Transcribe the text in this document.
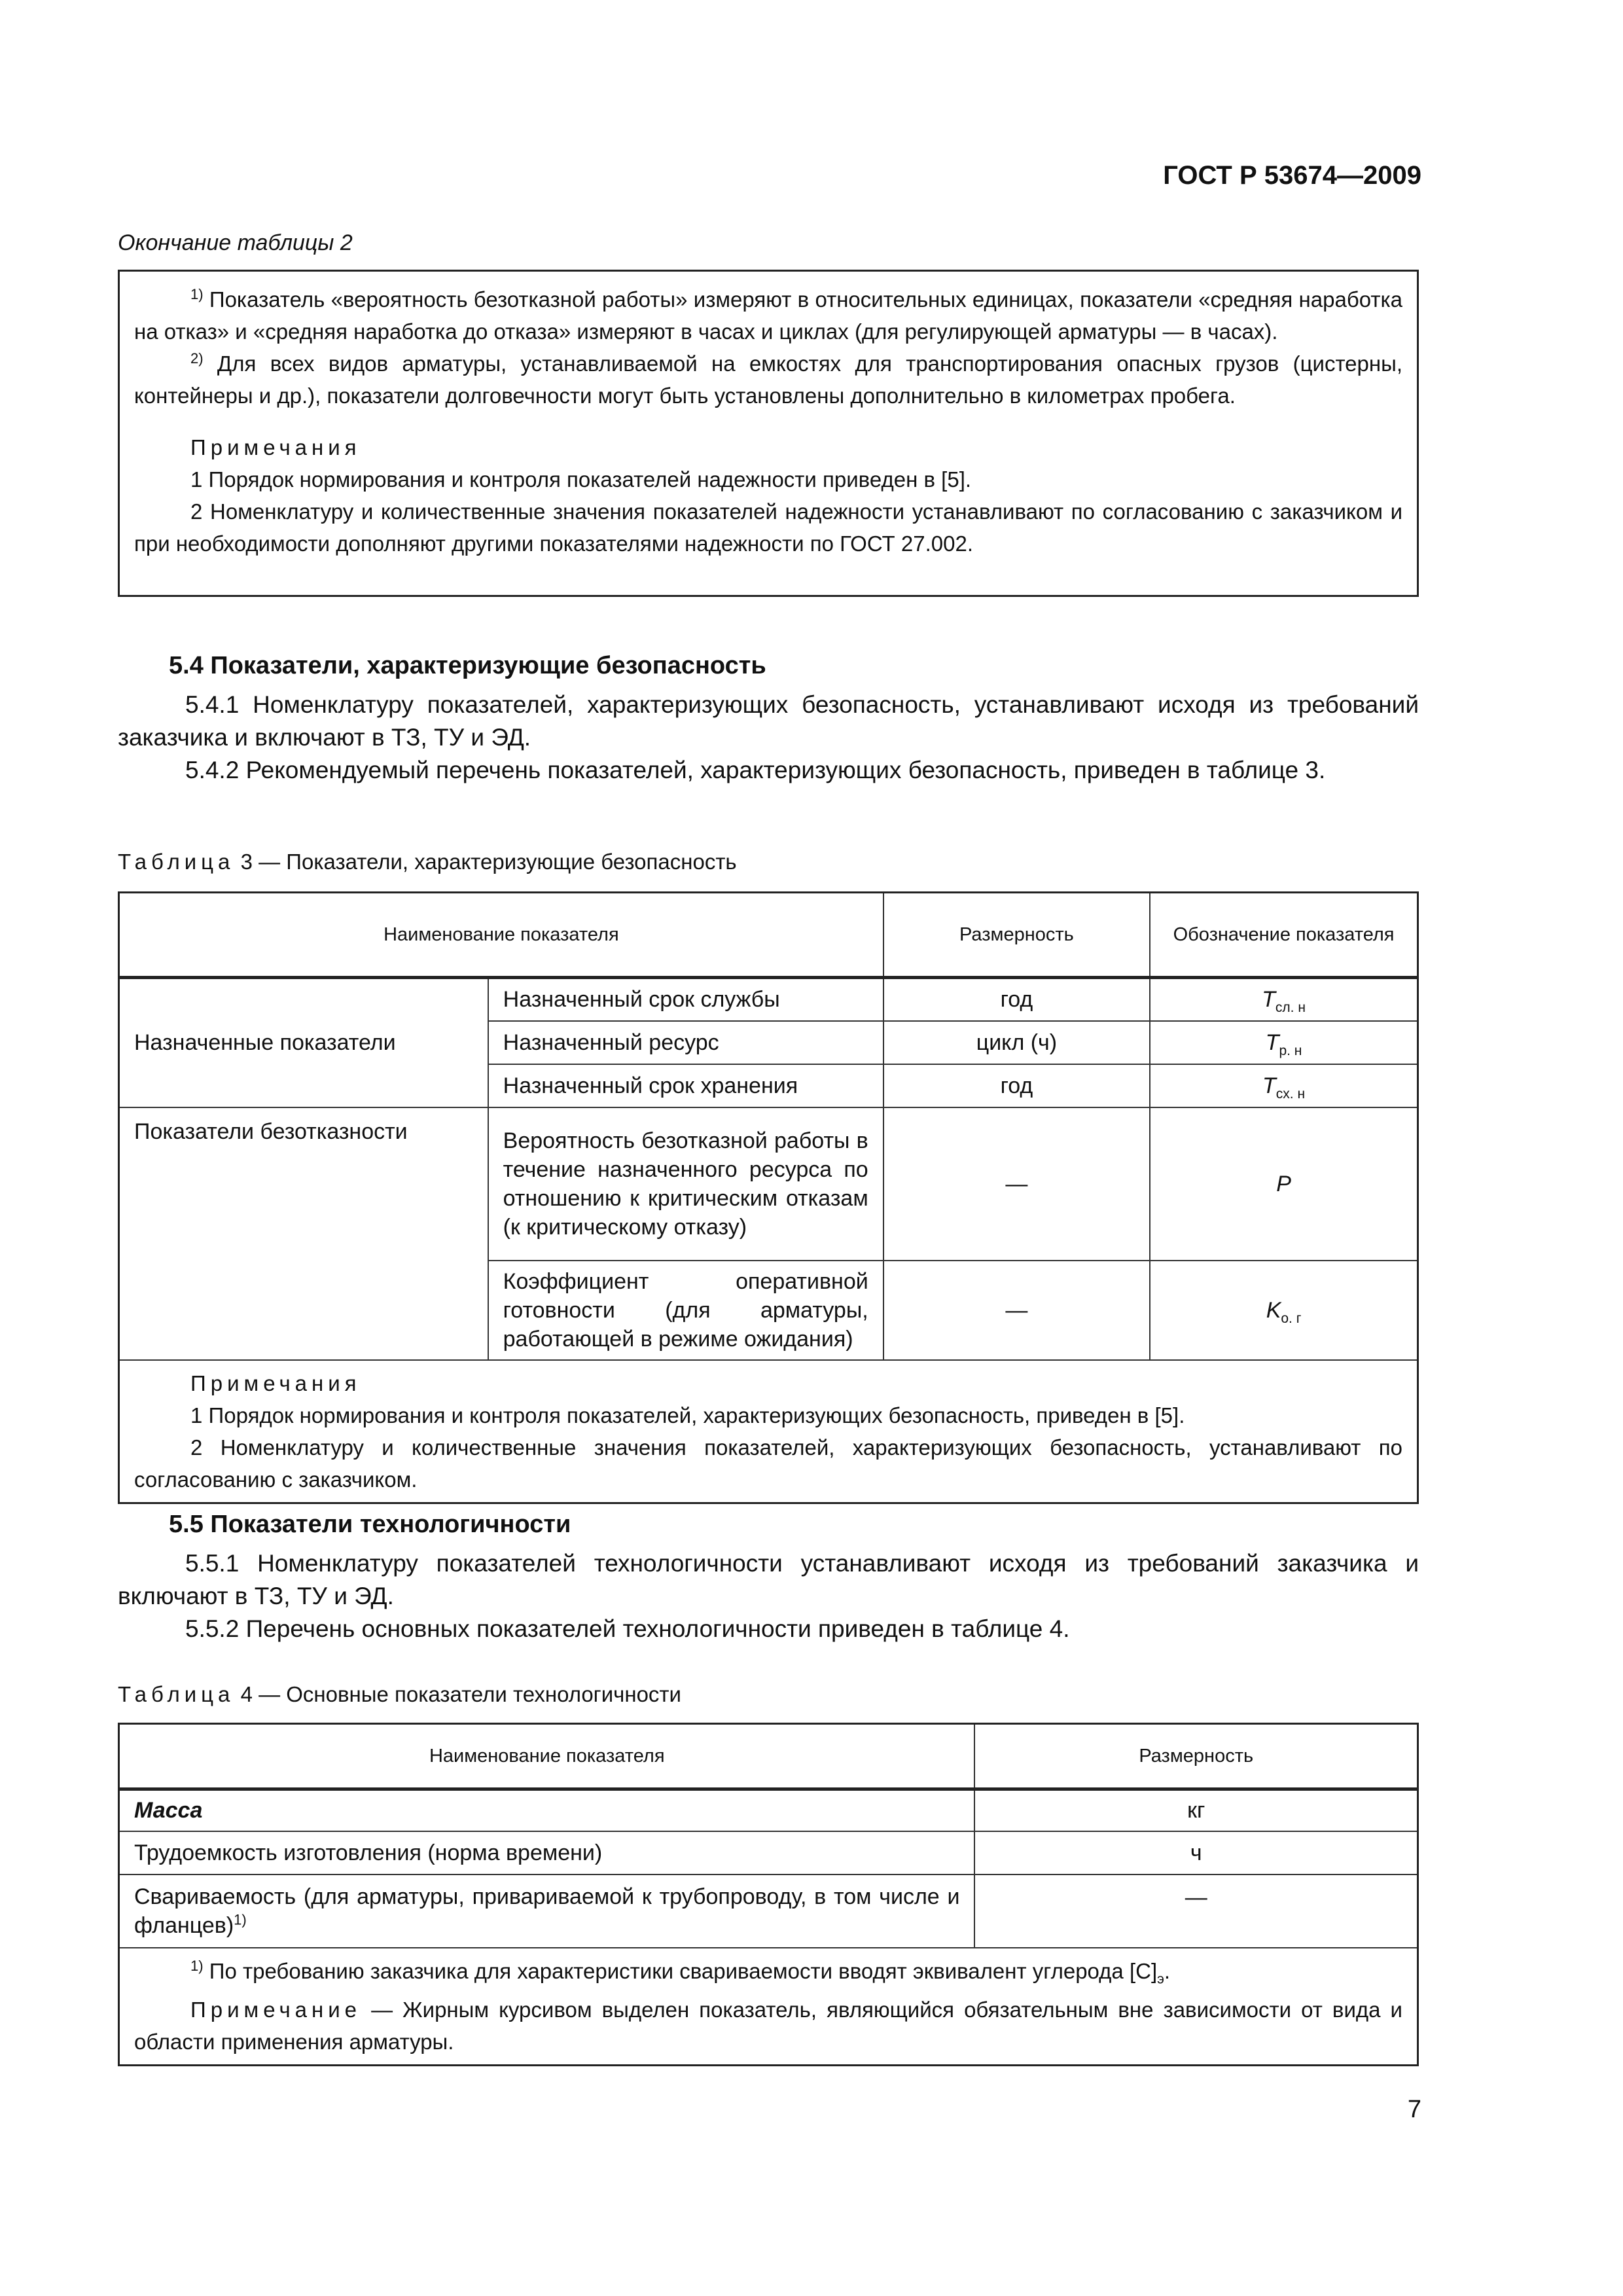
ГОСТ Р 53674—2009
Окончание таблицы 2

$^{1)}$ Показатель «вероятность безотказной работы» измеряют в относительных единицах, показатели «средняя наработка на отказ» и «средняя наработка до отказа» измеряют в часах и циклах (для регулирующей арматуры — в часах).

$^{2)}$ Для всех видов арматуры, устанавливаемой на емкостях для транспортирования опасных грузов (цистерны, контейнеры и др.), показатели долговечности могут быть установлены дополнительно в километрах пробега.

Примечания

1 Порядок нормирования и контроля показателей надежности приведен в [5].

2 Номенклатуру и количественные значения показателей надежности устанавливают по согласованию с заказчиком и при необходимости дополняют другими показателями надежности по ГОСТ 27.002.

5.4 Показатели, характеризующие безопасность
5.4.1 Номенклатуру показателей, характеризующих безопасность, устанавливают исходя из требований заказчика и включают в ТЗ, ТУ и ЭД.
5.4.2 Рекомендуемый перечень показателей, характеризующих безопасность, приведен в таблице 3.
Таблица 3 — Показатели, характеризующие безопасность
Наименование показателя		Размерность	Обозначение показателя
Назначенные показатели	Назначенный срок службы	год	$T_{сл. н}$
	Назначенный ресурс	цикл (ч)	$T_{р. н}$
	Назначенный срок хранения	год	$T_{сх. н}$
Показатели безотказности	Вероятность безотказной работы в течение назначенного ресурса по отношению к критическим отказам (к критическому отказу)	—	P
	Коэффициент оперативной готовности (для арматуры, работающей в режиме ожидания)	—	$K_{о. г}$

Примечания
1 Порядок нормирования и контроля показателей, характеризующих безопасность, приведен в [5].
2 Номенклатуру и количественные значения показателей, характеризующих безопасность, устанавливают по согласованию с заказчиком.			
5.5 Показатели технологичности
5.5.1 Номенклатуру показателей технологичности устанавливают исходя из требований заказчика и включают в ТЗ, ТУ и ЭД.
5.5.2 Перечень основных показателей технологичности приведен в таблице 4.
Таблица 4 — Основные показатели технологичности
Наименование показателя	Размерность
Масса	кг
Трудоемкость изготовления (норма времени)	ч
Свариваемость (для арматуры, привариваемой к трубопроводу, в том числе и фланцев)$^{1)}$	—

$^{1)}$ По требованию заказчика для характеристики свариваемости вводят эквивалент углерода $[С]_э$.
Примечание — Жирным курсивом выделен показатель, являющийся обязательным вне зависимости от вида и области применения арматуры.	
7
